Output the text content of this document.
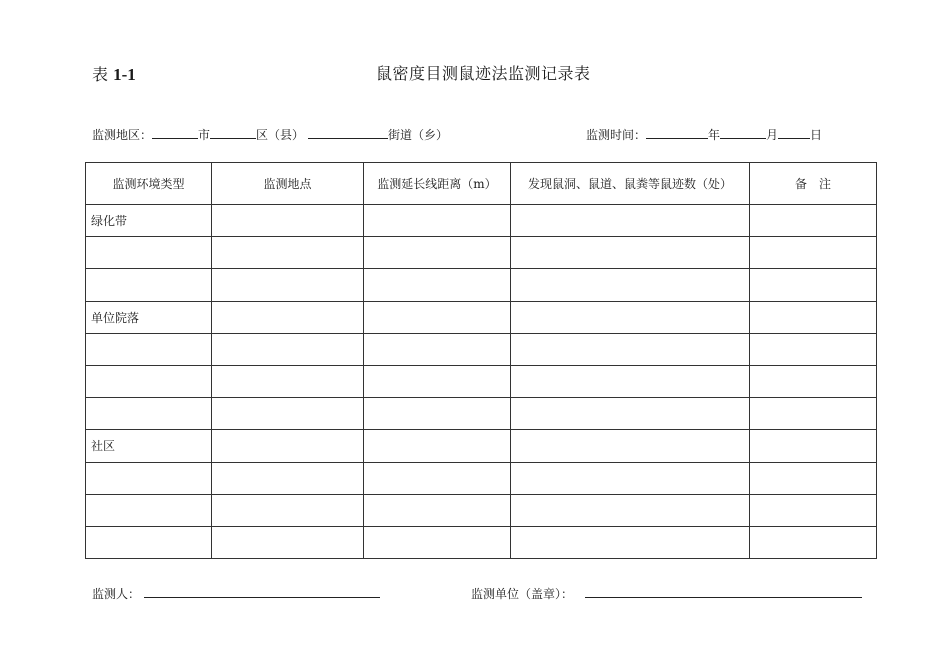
表 1-1	鼠密度目测鼠迹法监测记录表
监测地区：	市	区（县）	街道（乡）	监测时间：	年	月	日
监测环境类型	监测地点	监测延长线距离（m）	发现鼠洞、鼠道、鼠粪等鼠迹数（处）	备　注
绿化带				

单位院落				

社区				

监测人：	监测单位（盖章）：
